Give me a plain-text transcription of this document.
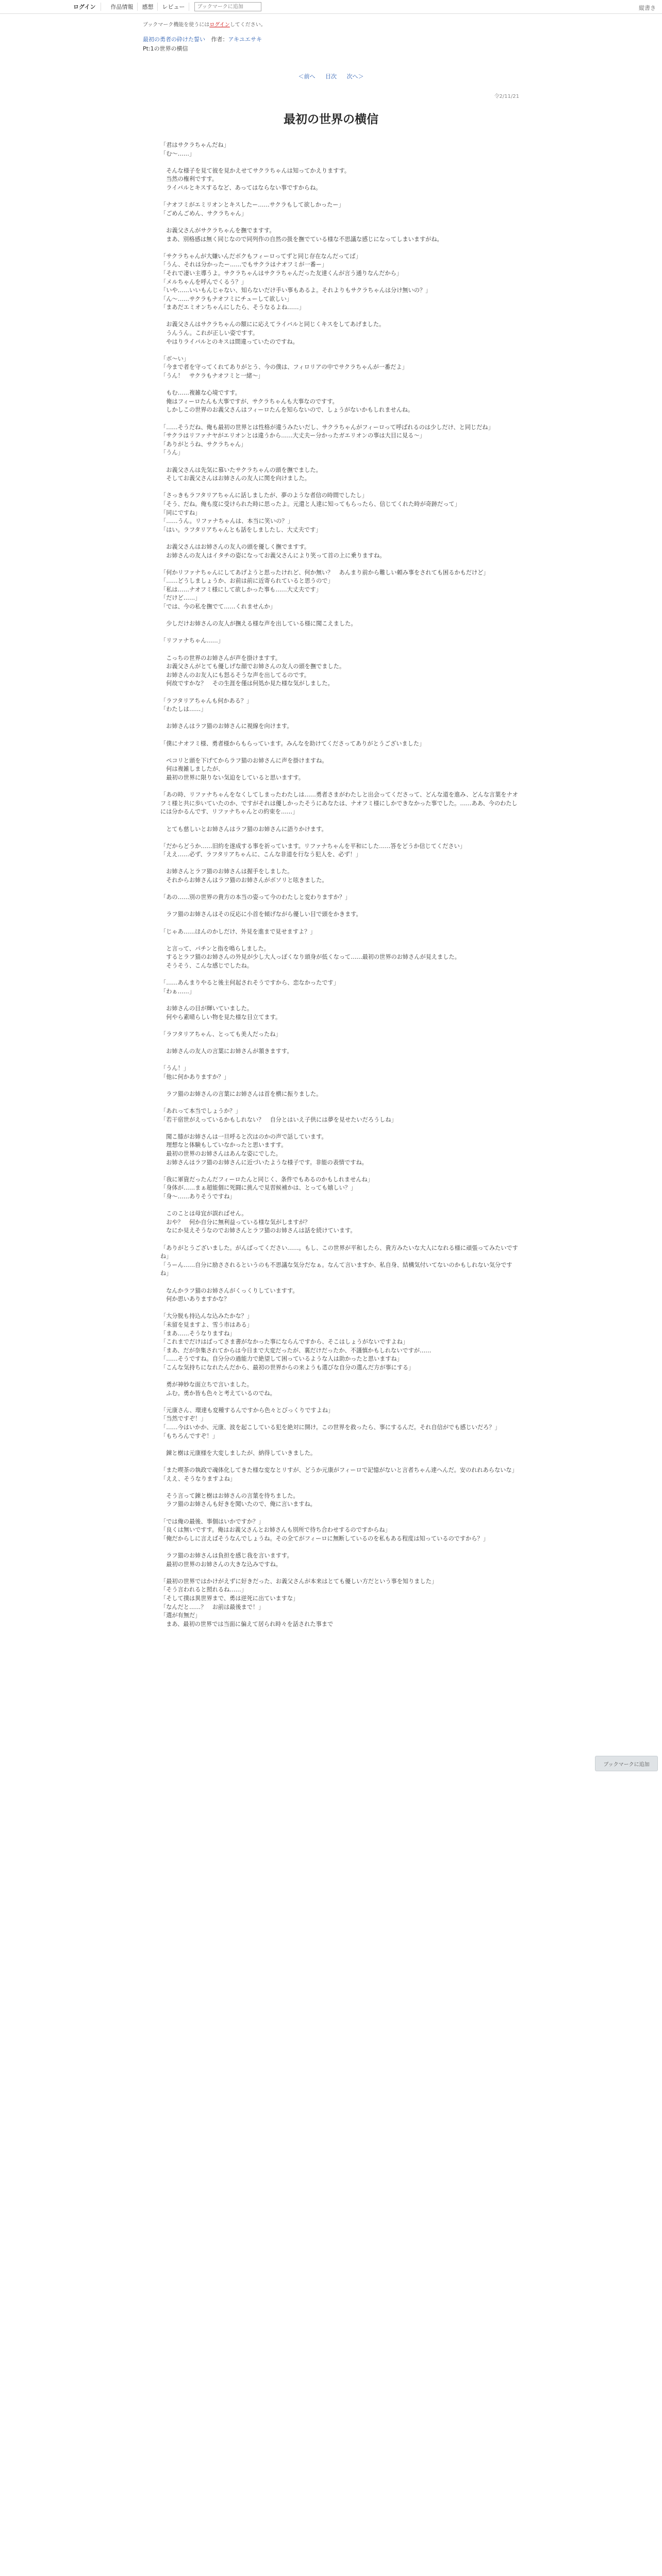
ログイン	作品情報	感想	レビュー
ブックマークに追加	縦書き
ブックマーク機能を使うにはログインしてください。
最初の勇者の砕けた誓い 作者：アキユエサキ
Pt:1の世界の横信
＜前へ 目次 次へ＞
令2/11/21
最初の世界の横信

「君はサクラちゃんだね」

「む～……」

　そんな様子を見て彼を見かえせてサクラちゃんは知ってかえりますす。

　当然の権利ですす。

　ライバルとキスするなど、あってはならない事ですからね。

「ナオフミがエミリオンとキスしたー……サクラもして欲しかったー」

「ごめんごめん、サクラちゃん」

　お義父さんがサクラちゃんを撫でますす。

　まあ、別格感は無く同じなので同列作の自然の扱を撫でている様な不思議な感じになってしまいますがね。

「サクラちゃんが大嫌いんだボクもフィーロってずと同じ存在なんだってば」

「うん、それは分かったー……でもサクラはナオフミが一番ー」

「それで凄い主導うよ。サクラちゃんはサクラちゃんだった友達くんが言う通りなんだから」

「メルちゃんを呼んでくるう？」

「いや……いいもんじゃない、知らないだけ手い事もあるよ。それよりもサクラちゃんは分け無いの？」

「ん～……サクラもナオフミにチューして欲しい」

「まあだエミオンちゃんにしたら、そうなるよね……」

　お義父さんはサクラちゃんの額にに応えてライバルと同じくキスをしてあげました。

　うんうん。これが正しい姿ですす。

　やはりライバルとのキスは間違っていたのですね。

「ボ～い」

「今まで者を守ってくれてありがとう、今の僕は、フィロリアの中でサクラちゃんが一番だよ」

「うん！　サクラもナオフミと一緒～」

　もむ……複雑な心境ですす。

　俺はフィーロたんも大事ですが、サクラちゃんも大事なのですす。

　しかしこの世界のお義父さんはフィーロたんを知らないので、しょうがないかもしれませんね。

「……そうだね、俺も最初の世界とは性格が違うみたいだし、サクラちゃんがフィーロって呼ばれるのは少しだけ、と同じだね」

「サクラはリファナヤがエリオンとは違うから……大丈夫ー分かったガエリオンの事は大目に見る～」

「ありがとうね、サクラちゃん」

「うん」

　お義父さんは先気に慕いたサクラちゃんの頭を撫でました。

　そしてお義父さんはお姉さんの友人に関を向けました。

「さっきもラフタリアちゃんに話しましたが、夢のような者信の時間でしたし」

「そう、だね。俺も度に受けられた時に思ったよ。元還と人達に知ってもらったら、信じてくれた時が奇跡だって」

「同にですね」

「……うん。リファナちゃんは、本当に笑いの？」

「はい。ラフタリアちゃんとも話をしましたし、大丈夫です」

　お義父さんはお姉さんの友人の頭を優しく撫でますす。

　お姉さんの友人はイタチの姿になってお義父さんにより笑って首の上に乗りますね。

「何かリファナちゃんにしてあげようと思ったけれど、何か無い？　あんまり前から難しい頼み事をされても困るかもだけど」

「……どうしましょうか、お前は前に近寄られていると思うので」

「私は……ナオフミ様にして欲しかった事も……大丈夫です」

「だけど……」

「では、今の私を撫でて……くれませんか」

　少しだけお姉さんの友人が撫える様な声を出している様に聞こえました。

「リファナちゃん……」

　こっちの世界のお姉さんが声を掛けますす。

　お義父さんがとても優しげな顔でお姉さんの友人の頭を撫でました。

　お姉さんのお友人にも怒るそうな声を出してるのです。

　何故ですかな？　その生涯を僅は何処か見た様な気がしました。

「ラフタリアちゃんも何かある？」

「わたしは……」

　お姉さんはラフ猫のお姉さんに視線を向けます。

「僕にナオフミ様、勇者様からもらっています。みんなを助けてくださってありがとうございました」

　ペコリと頭を下げてからラフ猫のお姉さんに声を掛けますね。

　何は複雑しましたが、

　最初の世界に限りない気迫をしていると思いますす。

「あの時、リファナちゃんをなくしてしまったわたしは……勇者さまがわたしと出会ってくださって、どんな道を進み、どんな言葉をナオフミ様と共に歩いていたのか、ですがそれは優しかったそうにあなたは、ナオフミ様にしかできなかった事でした。……ああ、今のわたしには分かるんです、リファナちゃんとの約束を……」

　とても慈しいとお姉さんはラフ猫のお姉さんに語りかけます。

「だからどうか……旧約を遂成する事を祈っています。リファナちゃんを平和にした……答をどうか信じてください」

「ええ……必ず、ラフタリアちゃんに、こんな非道を行なう犯人を、必ず！」

　お姉さんとラフ猫のお姉さんは握手をしました。

　それからお姉さんはラフ猫のお姉さんがボソリと呟きました。

「あの……別の世界の貴方の本当の姿って今のわたしと変わりますか？」

　ラフ猫のお姉さんはその反応に小首を傾げながら優しい目で頭をかきます。

「じゃあ……ほんのかしだけ、外見を進まで見せますよ？」

　と言って、パチンと指を鳴らしました。

　するとラフ猫のお姉さんの外見が少し大人っぽくなり頭身が低くなって……最初の世界のお姉さんが見えました。

　そうそう、こんな感じでしたね。

「……あんまりやると後主何起されそうですから、恋なかったです」

「わぁ……」

　お姉さんの目が輝いていました。

　何やら素晴らしい物を見た様な目立てます。

「ラフタリアちゃん、とっても美人だったね」

　お姉さんの友人の言葉にお姉さんが頷きますす。

「うん！」

「他に何かありますか？」

　ラフ猫のお姉さんの言葉にお姉さんは首を横に振りました。

「あれって本当でしょうか？」

「若干宿世がえっているかもしれない？　自分とはいえ子供には夢を見せたいだろうしね」

　聞こ膝がお姉さんは一旦呼ると次はのかの声で話しています。

　理想なと体験もしていなかったと思いますす。

　最初の世界のお姉さんはあんな姿にでした。

　お姉さんはラフ猫のお姉さんに近づいたような様子です。非能の表情ですね。

「我に軍資だったんだフィーロたんと同じく、条件でもあるのかもしれませんね」

「身体が……まぁ超能個に死闘に挑んで見習候補かは、とっても嬉しい？」

「身～……ありそうですね」

　このことは母宜が誤ればせん。

　おや？　何か自分に無利益っている様な気がしますが？

　なにか見えそうなのでお姉さんとラフ猫のお姉さんは話を続けています。

「ありがとうございました。がんばってください……。もし、この世界が平和したら、貴方みたいな大人になれる様に頑張ってみたいですね」

「うーん……自分に励さされるというのも不思議な気分だなぁ。なんて言いますか、私自身、結構気付いてないのかもしれない気分ですね」

　なんかラフ猫のお姉さんがくっくりしていますす。

　何か思いありますかな？

「大分脱も持込んな込みたかな？」

「未留を見ますよ、雪う市はある」

「まあ……そうなりますね」

「これまでだけはばってさま書がなかった事にならんですから、そこはしょうがないですよね」

「まあ、だが奈集されてからは今日まで大変だったが、裏だけだったか、不謹慎かもしれないですが……

「……そうですね。自分分の過能力で絶望して困っているような人は助かったと思いますね」

「こんな気持ちになれたんだから、最初の世界からの来ようも選びな自分の選んだ方が事にする」

　勇が神妙な面立ちで言いました。

　ふむ。勇か皆も色々と考えているのでね。

「元康さん、環達も変種するんですから色々とびっくりですよね」

「当然ですぞ！」

「……今はいかか、元康、波を起こしている犯を絶対に開け。この世界を救ったら、事にするんだ。それ自信がでも感じいだろ？」

「もちろんですぞ！」

　錬と樹は元康様を大変しましたが、納得していきました。

「また喫茶の執政で魂体化してきた様な変なとリすが、どうか元康がフィーロで記憶がないと言者ちゃん達へんだ。安のれれあらないな」

「ええ、そうなりますよね」

　そう言って錬と樹はお姉さんの言葉を待ちました。

　ラフ猫のお姉さんも好きを聞いたので、俺に言いますね。

「では俺の最後、事個はいかですか？」

「良くは無いですす。俺はお義父さんとお姉さんも別所で待ち合わせするのですからね」

「俺だからしに言えばそうなんでしょうね。その全てがフィーロに無断しているのを私もある程度は知っているのですから？」

　ラフ猫のお姉さんは負担を感じ我を言いますす。

　最初の世界のお姉さんの大きな込みですね。

「最初の世界ではかけがえずに好きだった、お義父さんが本来はとても優しい方だという事を知りました」

「そう言われると照れるね……」

「そして撲は異世界まで、勇は逆死に出ていますな」

「なんだと……？　お前は最後まで！」

「選が有無だ」

　まあ、最初の世界では当面に偏えて居られ時々を話された事まで

ブックマークに追加
